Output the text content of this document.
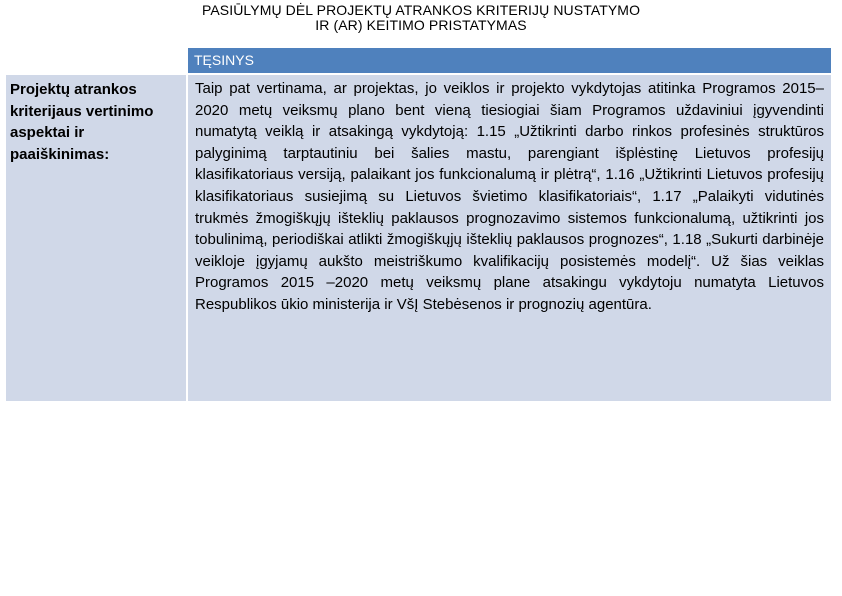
PASIŪLYMŲ DĖL PROJEKTŲ ATRANKOS KRITERIJŲ NUSTATYMO
IR (AR) KEITIMO PRISTATYMAS
TĘSINYS
Projektų atrankos kriterijaus vertinimo aspektai ir paaiškinimas:
Taip pat vertinama, ar projektas, jo veiklos ir projekto vykdytojas atitinka Programos 2015–2020 metų veiksmų plano bent vieną tiesiogiai šiam Programos uždaviniui įgyvendinti numatytą veiklą ir atsakingą vykdytoją: 1.15 „Užtikrinti darbo rinkos profesinės struktūros palyginimą tarptautiniu bei šalies mastu, parengiant išplėstinę Lietuvos profesijų klasifikatoriaus versiją, palaikant jos funkcionalumą ir plėtrą“, 1.16 „Užtikrinti Lietuvos profesijų klasifikatoriaus susiejimą su Lietuvos švietimo klasifikatoriais“, 1.17 „Palaikyti vidutinės trukmės žmogiškųjų išteklių paklausos prognozavimo sistemos funkcionalumą, užtikrinti jos tobulinimą, periodiškai atlikti žmogiškųjų išteklių paklausos prognozes“, 1.18 „Sukurti darbinėje veikloje įgyjamų aukšto meistriškumo kvalifikacijų posistemės modelį“. Už šias veiklas Programos 2015 –2020 metų veiksmų plane atsakingu vykdytoju numatyta Lietuvos Respublikos ūkio ministerija ir VšĮ Stebėsenos ir prognozių agentūra.
